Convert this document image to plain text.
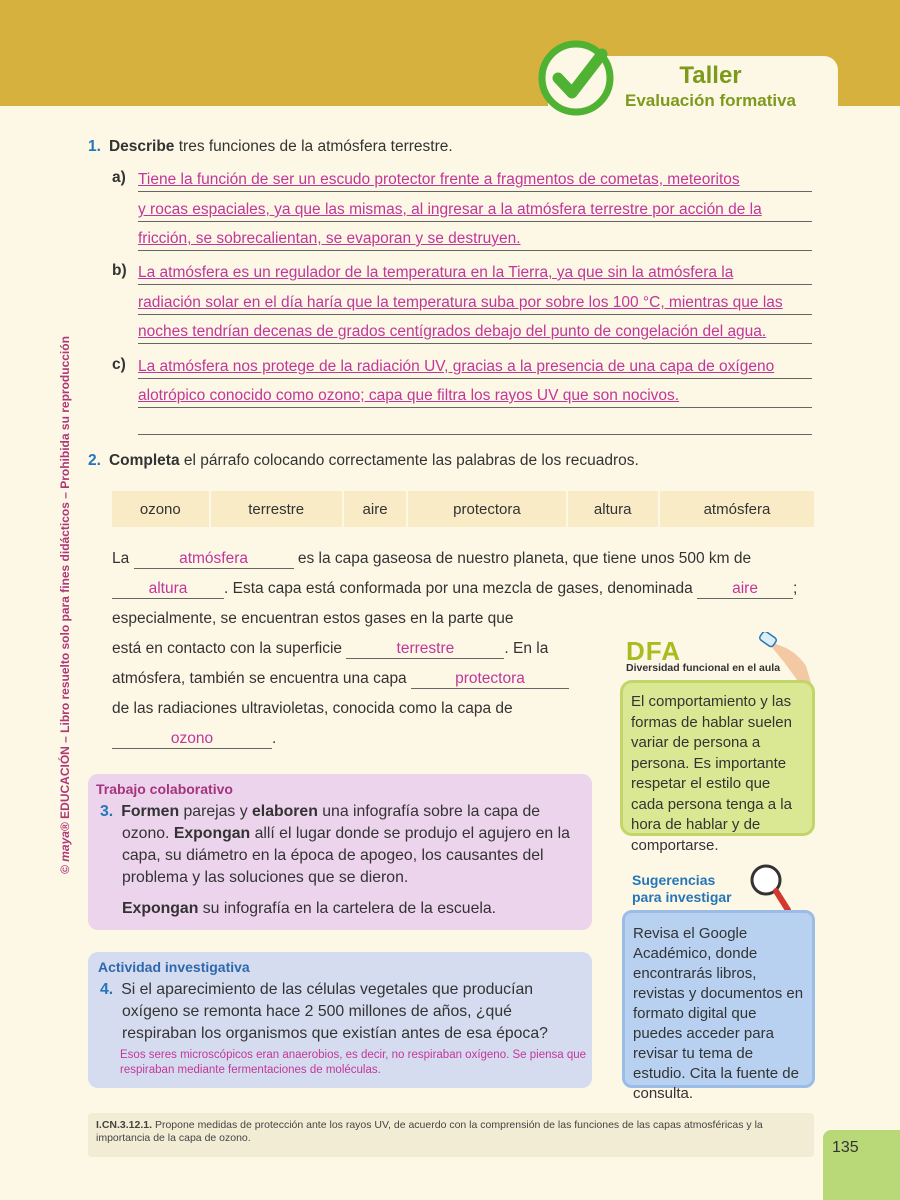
Taller
Evaluación formativa
© maya® EDUCACIÓN – Libro resuelto solo para fines didácticos – Prohibida su reproducción
1. Describe tres funciones de la atmósfera terrestre.
a) Tiene la función de ser un escudo protector frente a fragmentos de cometas, meteoritos
y rocas espaciales, ya que las mismas, al ingresar a la atmósfera terrestre por acción de la
fricción, se sobrecalientan, se evaporan y se destruyen.
b) La atmósfera es un regulador de la temperatura en la Tierra, ya que sin la atmósfera la
radiación solar en el día haría que la temperatura suba por sobre los 100 °C, mientras que las
noches tendrían decenas de grados centígrados debajo del punto de congelación del agua.
c) La atmósfera nos protege de la radiación UV, gracias a la presencia de una capa de oxígeno
alotrópico conocido como ozono; capa que filtra los rayos UV que son nocivos.
2. Completa el párrafo colocando correctamente las palabras de los recuadros.
ozono	terrestre	aire	protectora	altura	atmósfera
La	atmósfera	es la capa gaseosa de nuestro planeta, que tiene unos 500 km de
altura . Esta capa está conformada por una mezcla de gases, denominada aire ;
especialmente, se encuentran estos gases en la parte que
está en contacto con la superficie	terrestre	. En la
atmósfera, también se encuentra una capa	protectora
de las radiaciones ultravioletas, conocida como la capa de
ozono	.
DFA
Diversidad funcional en el aula
El comportamiento y las formas de hablar suelen variar de persona a persona. Es importante respetar el estilo que cada persona tenga a la hora de hablar y de comportarse.
Trabajo colaborativo
3. Formen parejas y elaboren una infografía sobre la capa de ozono. Expongan allí el lugar donde se produjo el agujero en la capa, su diámetro en la época de apogeo, los causantes del problema y las soluciones que se dieron.
Expongan su infografía en la cartelera de la escuela.
Actividad investigativa
4. Si el aparecimiento de las células vegetales que producían oxígeno se remonta hace 2 500 millones de años, ¿qué respiraban los organismos que existían antes de esa época?
Esos seres microscópicos eran anaerobios, es decir, no respiraban oxígeno. Se piensa que respiraban mediante fermentaciones de moléculas.
Sugerencias
para investigar
Revisa el Google Académico, donde encontrarás libros, revistas y documentos en formato digital que puedes acceder para revisar tu tema de estudio. Cita la fuente de consulta.
I.CN.3.12.1. Propone medidas de protección ante los rayos UV, de acuerdo con la comprensión de las funciones de las capas atmosféricas y la importancia de la capa de ozono.
135
